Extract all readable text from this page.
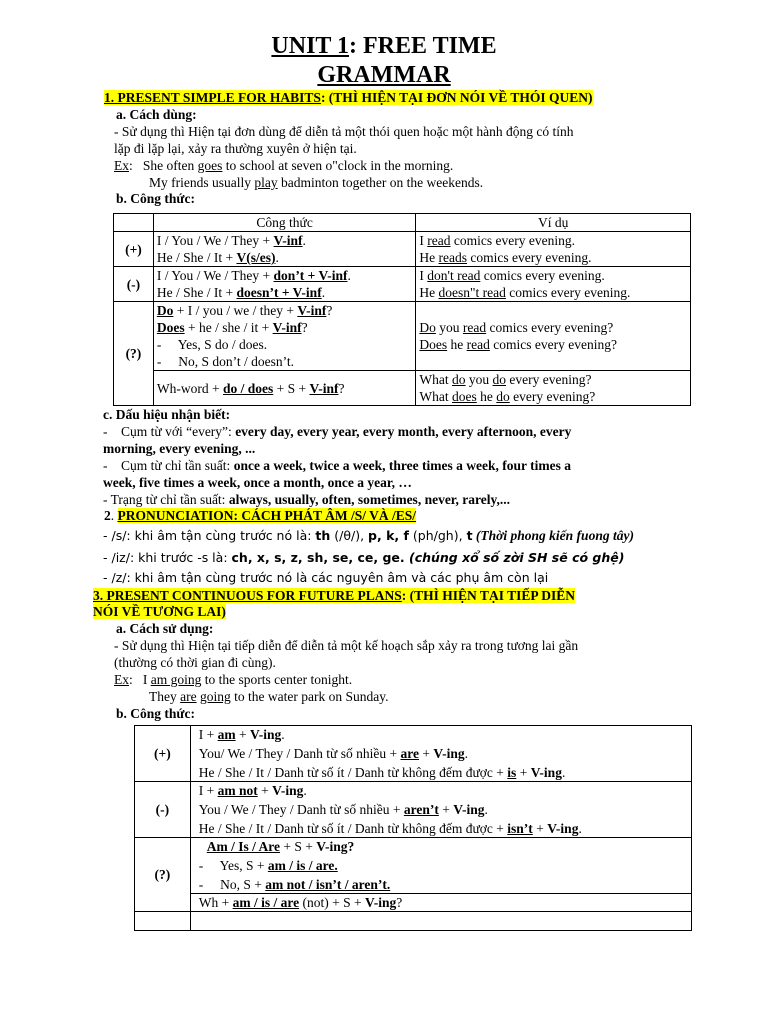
UNIT 1: FREE TIME
GRAMMAR
1. PRESENT SIMPLE FOR HABITS: (THÌ HIỆN TẠI ĐƠN NÓI VỀ THÓI QUEN)
a. Cách dùng:
- Sử dụng thì Hiện tại đơn dùng để diễn tả một thói quen hoặc một hành động có tính
lặp đi lặp lại, xảy ra thường xuyên ở hiện tại.
Ex:   She often goes to school at seven o"clock in the morning.
My friends usually play badminton together on the weekends.
b. Công thức:
	Công thức	Ví dụ
(+)	I / You / We / They + V-inf.
He / She / It + V(s/es).	I read comics every evening.
He reads comics every evening.

(-)	I / You / We / They + don’t + V-inf.
He / She / It + doesn’t + V-inf.	I don't read comics every evening.
He doesn"t read comics every evening.

(?)	Do + I / you / we / they + V-inf?
Does + he / she / it + V-inf?
-     Yes, S do / does.
-     No, S don’t / doesn’t.	Do you read comics every evening?
Does he read comics every evening?

	Wh-word + do / does + S + V-inf?	What do you do every evening?
What does he do every evening?
c. Dấu hiệu nhận biết:
-    Cụm từ với “every”: every day, every year, every month, every afternoon, every
morning, every evening, ...
-    Cụm từ chỉ tần suất: once a week, twice a week, three times a week, four times a
week, five times a week, once a month, once a year, …
- Trạng từ chỉ tần suất: always, usually, often, sometimes, never, rarely,...
2. PRONUNCIATION: CÁCH PHÁT ÂM /S/ VÀ /ES/
- /s/: khi âm tận cùng trước nó là: th (/θ/), p, k, f (ph/gh), t (Thời phong kiến fuong tây)
- /iz/: khi trước -s là: ch, x, s, z, sh, se, ce, ge. (chúng xổ số zời SH sẽ có ghệ)
- /z/: khi âm tận cùng trước nó là các nguyên âm và các phụ âm còn lại
3. PRESENT CONTINUOUS FOR FUTURE PLANS: (THÌ HIỆN TẠI TIẾP DIỄN
NÓI VỀ TƯƠNG LAI)
a. Cách sử dụng:
- Sử dụng thì Hiện tại tiếp diễn để diễn tả một kế hoạch sắp xảy ra trong tương lai gần
(thường có thời gian đi cùng).
Ex:   I am going to the sports center tonight.
They are going to the water park on Sunday.
b. Công thức:
(+)	I + am + V-ing.
You/ We / They / Danh từ số nhiều + are + V-ing.
He / She / It / Danh từ số ít / Danh từ không đếm được + is + V-ing.

(-)	I + am not + V-ing.
You / We / They / Danh từ số nhiều + aren’t + V-ing.
He / She / It / Danh từ số ít / Danh từ không đếm được + isn’t + V-ing.

(?)	Am / Is / Are + S + V-ing?
-     Yes, S + am / is / are.
-     No, S + am not / isn’t / aren’t.

	Wh + am / is / are (not) + S + V-ing?
